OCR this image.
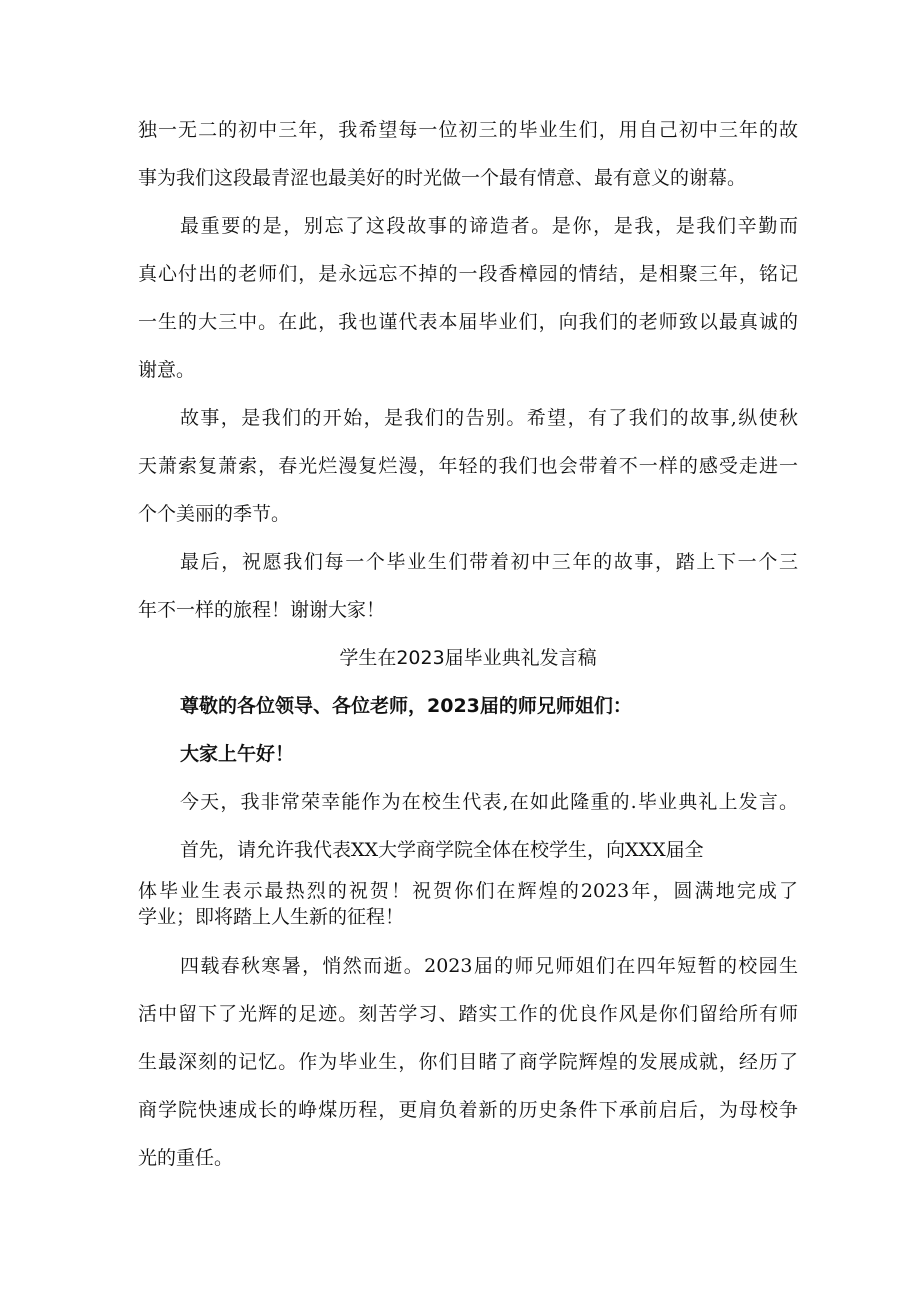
独一无二的初中三年，我希望每一位初三的毕业生们，用自己初中三年的故

事为我们这段最青涩也最美好的时光做一个最有情意、最有意义的谢幕。

最重要的是，别忘了这段故事的谛造者。是你，是我，是我们辛勤而

真心付出的老师们，是永远忘不掉的一段香樟园的情结，是相聚三年，铭记

一生的大三中。在此，我也谨代表本届毕业们，向我们的老师致以最真诚的

谢意。

故事，是我们的开始，是我们的告别。希望，有了我们的故事,纵使秋

天萧索复萧索，春光烂漫复烂漫，年轻的我们也会带着不一样的感受走进一

个个美丽的季节。

最后，祝愿我们每一个毕业生们带着初中三年的故事，踏上下一个三

年不一样的旅程！谢谢大家！

学生在2023届毕业典礼发言稿

尊敬的各位领导、各位老师，2023届的师兄师姐们：

大家上午好！

今天，我非常荣幸能作为在校生代表,在如此隆重的.毕业典礼上发言。

首先，请允许我代表XX大学商学院全体在校学生，向XXX届全

体毕业生表示最热烈的祝贺！祝贺你们在辉煌的2023年，圆满地完成了

学业；即将踏上人生新的征程！

四载春秋寒暑，悄然而逝。2023届的师兄师姐们在四年短暂的校园生

活中留下了光辉的足迹。刻苦学习、踏实工作的优良作风是你们留给所有师

生最深刻的记忆。作为毕业生，你们目睹了商学院辉煌的发展成就，经历了

商学院快速成长的峥煤历程，更肩负着新的历史条件下承前启后，为母校争

光的重任。
